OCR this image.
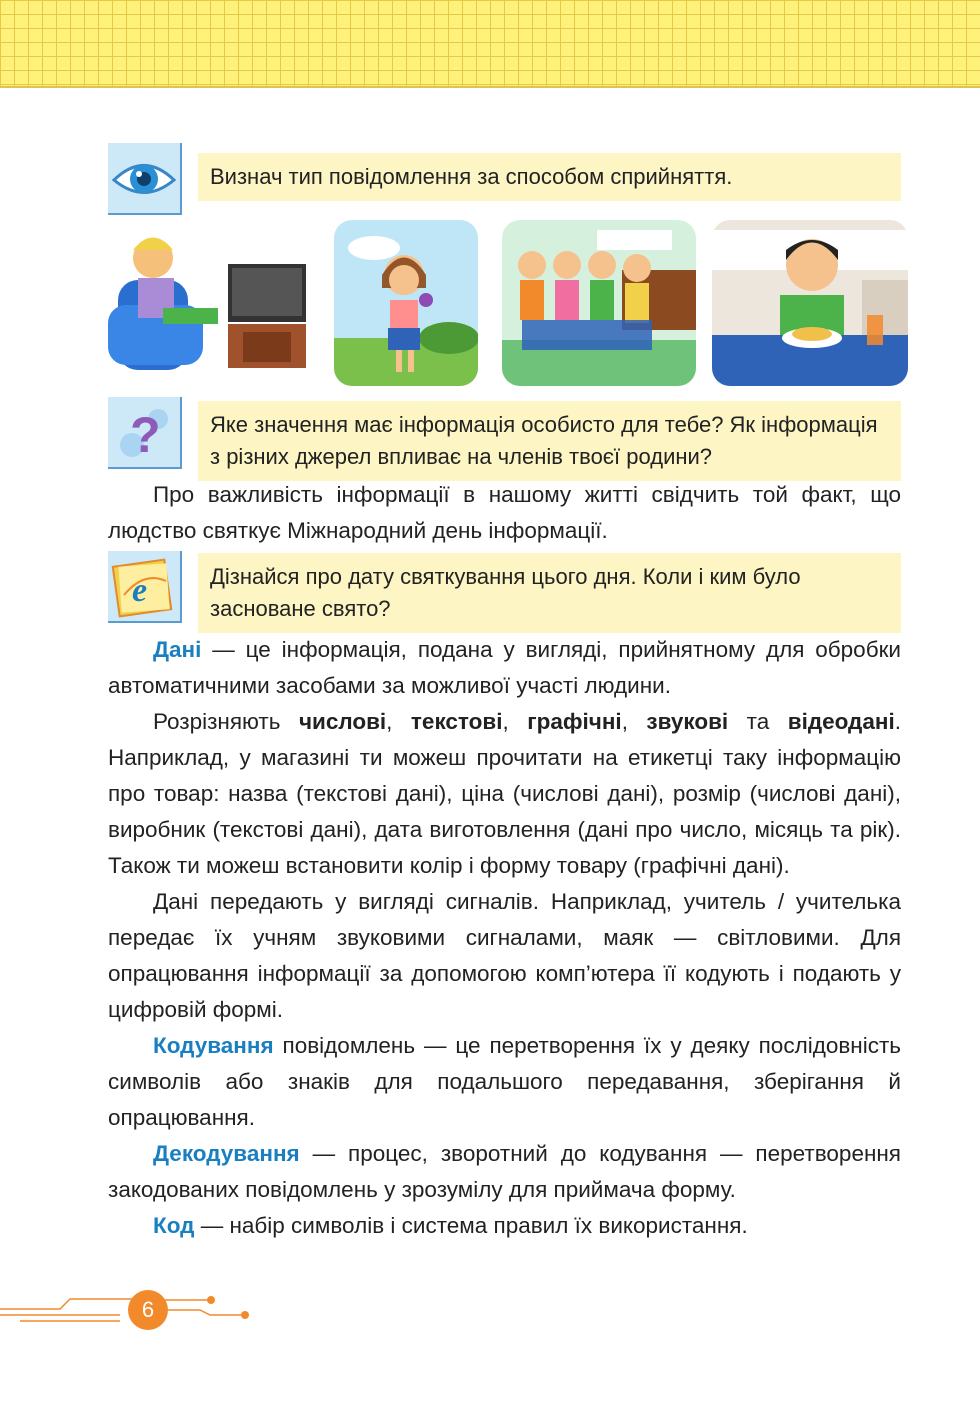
Визнач тип повідомлення за способом сприйняття.
?	Яке значення має інформація особисто для тебе? Як інформація з різних джерел впливає на членів твоєї родини?

Про важливість інформації в нашому житті свідчить той факт, що людство святкує Міжнародний день інформації.

e	Дізнайся про дату святкування цього дня. Коли і ким було засноване свято?

Дані — це інформація, подана у вигляді, прийнятному для обробки автоматичними засобами за можливої участі людини.

Розрізняють числові, текстові, графічні, звукові та відеодані. Наприклад, у магазині ти можеш прочитати на етикетці таку інформацію про товар: назва (текстові дані), ціна (числові дані), розмір (числові дані), виробник (текстові дані), дата виготовлення (дані про число, місяць та рік). Також ти можеш встановити колір і форму товару (графічні дані).

Дані передають у вигляді сигналів. Наприклад, учитель / учителька передає їх учням звуковими сигналами, маяк — світловими. Для опрацювання інформації за допомогою комп’ютера її кодують і подають у цифровій формі.

Кодування повідомлень — це перетворення їх у деяку послідовність символів або знаків для подальшого передавання, зберігання й опрацювання.

Декодування — процес, зворотний до кодування — перетворення закодованих повідомлень у зрозумілу для приймача форму.

Код — набір символів і система правил їх використання.

6
